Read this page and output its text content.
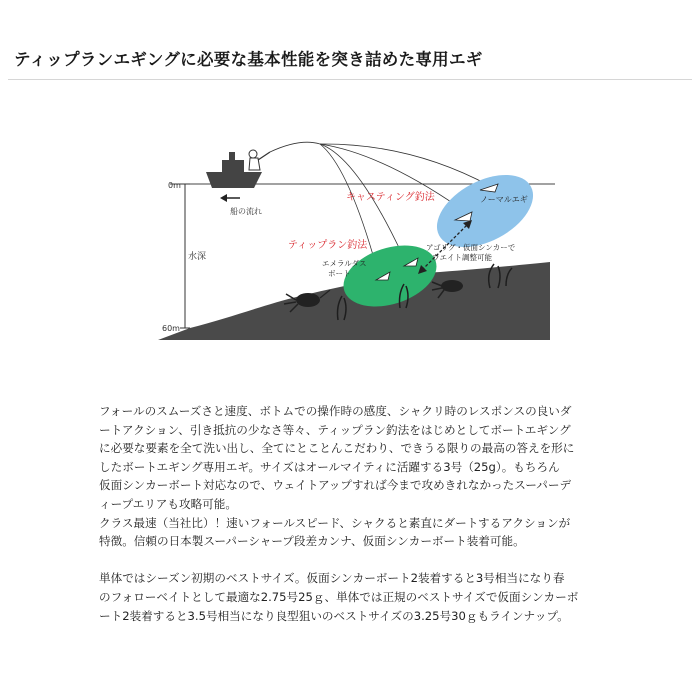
ティップランエギングに必要な基本性能を突き詰めた専用エギ
0m
60m
水深
船の流れ
キャスティング釣法	ノーマルエギ
ティップラン釣法
エメラルダス
ボート
アゴリグ・仮面シンカーで
ウエイト調整可能

フォールのスムーズさと速度、ボトムでの操作時の感度、シャクリ時のレスポンスの良いダ

ートアクション、引き抵抗の少なさ等々、ティップラン釣法をはじめとしてボートエギング

に必要な要素を全て洗い出し、全てにとことんこだわり、できうる限りの最高の答えを形に

したボートエギング専用エギ。サイズはオールマイティに活躍する3号（25g）。もちろん

仮面シンカーボート対応なので、ウェイトアップすれば今まで攻めきれなかったスーパーデ

ィープエリアも攻略可能。

クラス最速（当社比）！速いフォールスピード、シャクると素直にダートするアクションが

特徴。信頼の日本製スーパーシャープ段差カンナ、仮面シンカーボート装着可能。

単体ではシーズン初期のベストサイズ。仮面シンカーボート2装着すると3号相当になり春

のフォローベイトとして最適な2.75号25ｇ、単体では正規のベストサイズで仮面シンカーボ

ート2装着すると3.5号相当になり良型狙いのベストサイズの3.25号30ｇもラインナップ。
